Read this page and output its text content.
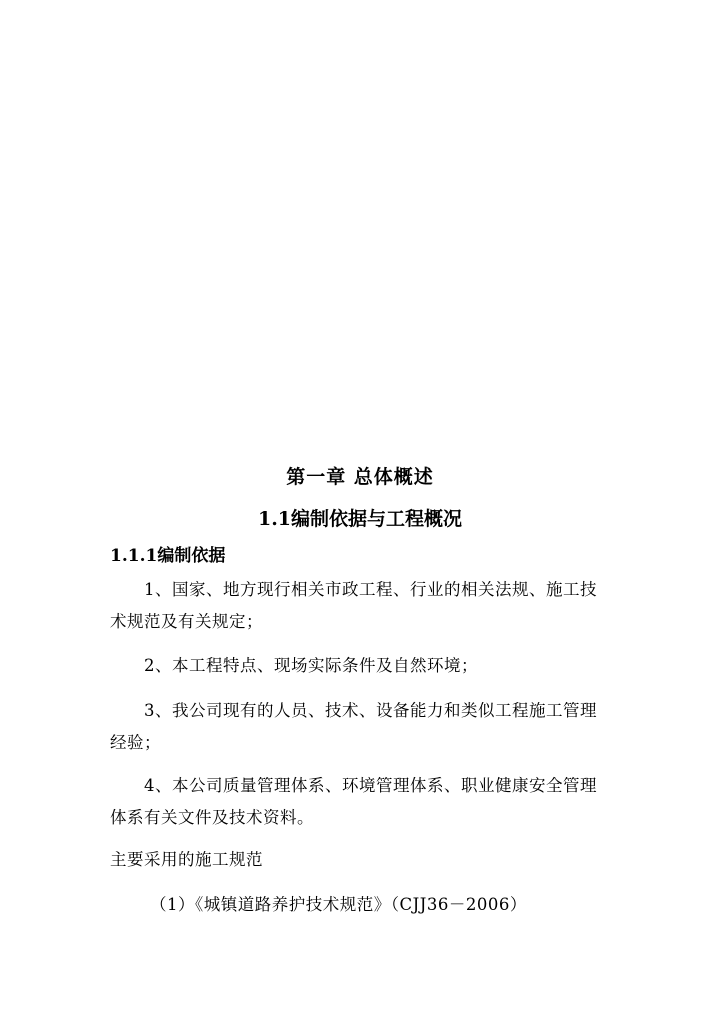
第一章 总体概述
1.1编制依据与工程概况
1.1.1编制依据
1、国家、地方现行相关市政工程、行业的相关法规、施工技术规范及有关规定；
2、本工程特点、现场实际条件及自然环境；
3、我公司现有的人员、技术、设备能力和类似工程施工管理经验；
4、本公司质量管理体系、环境管理体系、职业健康安全管理体系有关文件及技术资料。
主要采用的施工规范
（1）《城镇道路养护技术规范》（CJJ36－2006）
